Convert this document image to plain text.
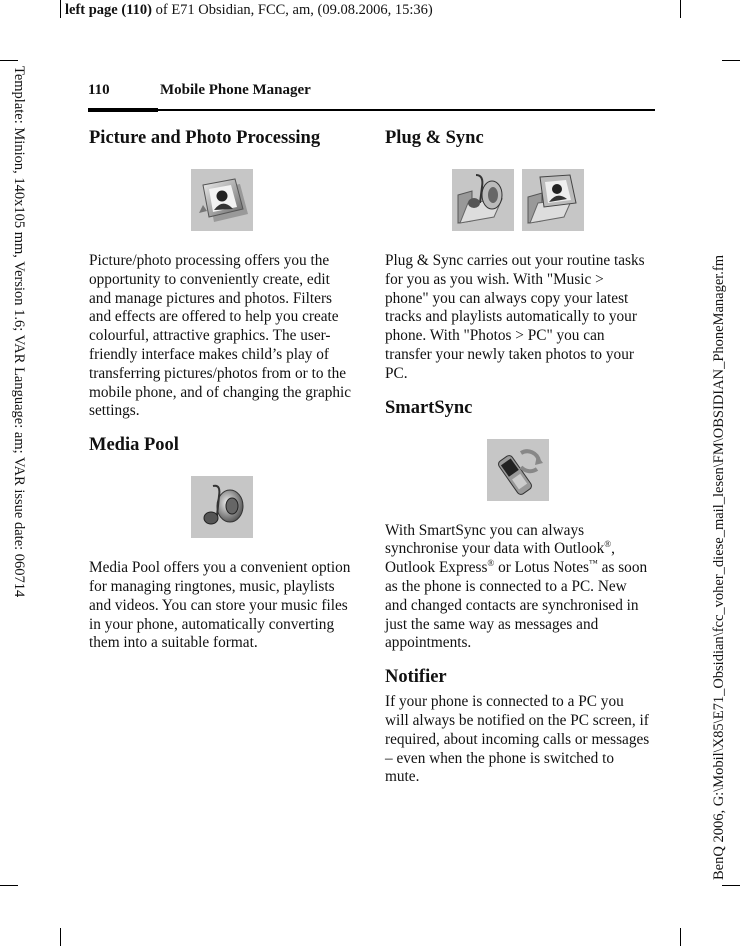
left page (110) of E71 Obsidian, FCC, am, (09.08.2006, 15:36)
Template: Minion, 140x105 mm, Version 1.6; VAR Language: am; VAR issue date: 060714	BenQ 2006, G:\Mobil\X85\E71_Obsidian\fcc_voher_diese_mail_lesen\FM\OBSIDIAN_PhoneManager.fm
110	Mobile Phone Manager
Picture and Photo Processing

Picture/photo processing offers you the opportunity to conveniently create, edit and manage pictures and photos. Filters and effects are offered to help you create colourful, attractive graphics. The user-friendly interface makes child’s play of transferring pictures/photos from or to the mobile phone, and of changing the graphic settings.

Media Pool

Media Pool offers you a convenient option for managing ringtones, music, playlists and videos. You can store your music files in your phone, automatically converting them into a suitable format.

Plug & Sync

Plug & Sync carries out your routine tasks for you as you wish. With "Music > phone" you can always copy your latest tracks and playlists automatically to your phone. With "Photos > PC" you can transfer your newly taken photos to your PC.

SmartSync

With SmartSync you can always synchronise your data with Outlook®, Outlook Express® or Lotus Notes™ as soon as the phone is connected to a PC. New and changed contacts are synchronised in just the same way as messages and appointments.

Notifier

If your phone is connected to a PC you will always be notified on the PC screen, if required, about incoming calls or messages – even when the phone is switched to mute.
